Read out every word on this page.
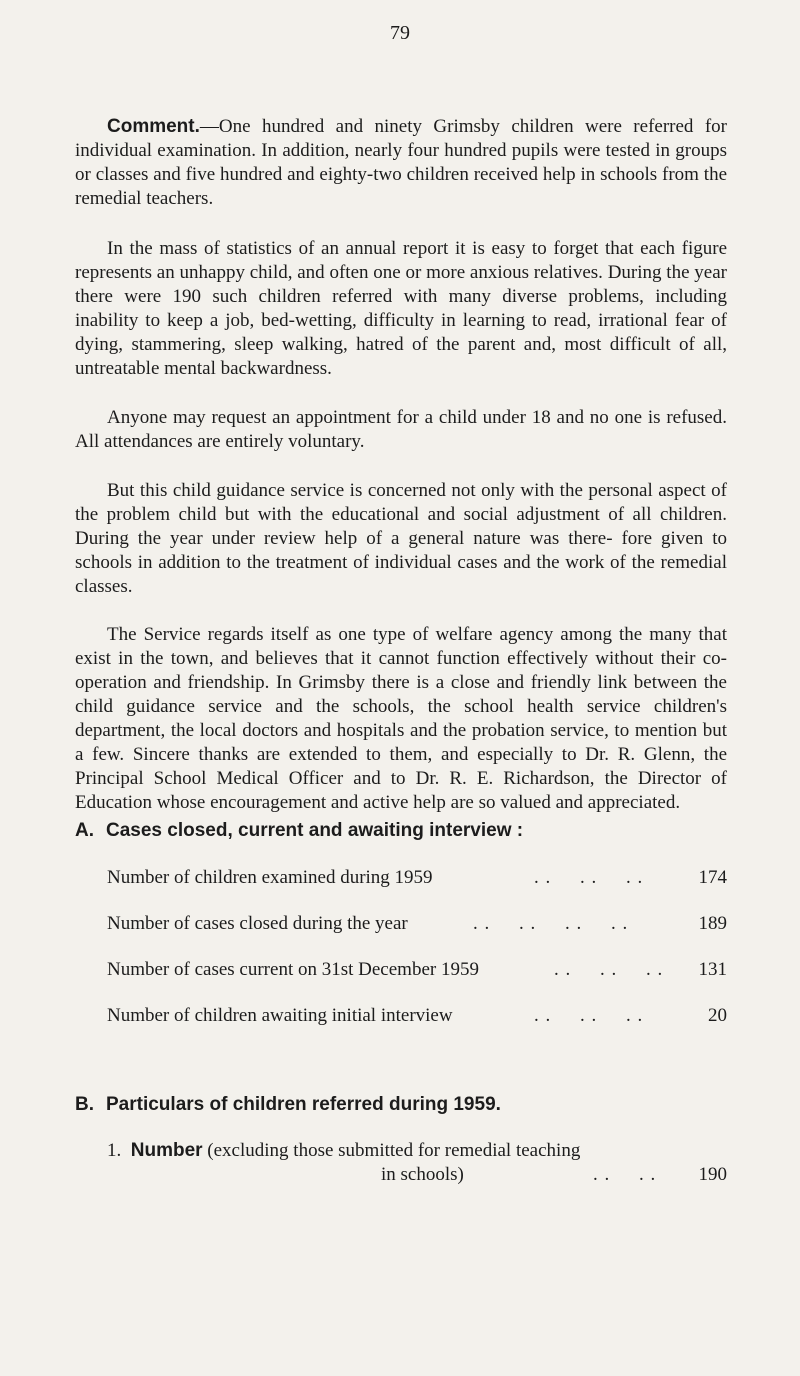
79

Comment.—One hundred and ninety Grimsby children were referred for individual examination. In addition, nearly four hundred pupils were tested in groups or classes and five hundred and eighty-two children received help in schools from the remedial teachers.

In the mass of statistics of an annual report it is easy to forget that each figure represents an unhappy child, and often one or more anxious relatives. During the year there were 190 such children referred with many diverse problems, including inability to keep a job, bed-wetting, difficulty in learning to read, irrational fear of dying, stammering, sleep walking, hatred of the parent and, most difficult of all, untreatable mental backwardness.

Anyone may request an appointment for a child under 18 and no one is refused. All attendances are entirely voluntary.

But this child guidance service is concerned not only with the personal aspect of the problem child but with the educational and social adjustment of all children. During the year under review help of a general nature was there- fore given to schools in addition to the treatment of individual cases and the work of the remedial classes.

The Service regards itself as one type of welfare agency among the many that exist in the town, and believes that it cannot function effectively without their co-operation and friendship. In Grimsby there is a close and friendly link between the child guidance service and the schools, the school health service children's department, the local doctors and hospitals and the probation service, to mention but a few. Sincere thanks are extended to them, and especially to Dr. R. Glenn, the Principal School Medical Officer and to Dr. R. E. Richardson, the Director of Education whose encouragement and active help are so valued and appreciated.

A. Cases closed, current and awaiting interview :
Number of children examined during 1959	. .     . .     . .	174
Number of cases closed during the year	. .     . .     . .     . .	189
Number of cases current on 31st December 1959	. .     . .     . . 131
Number of children awaiting initial interview	. .     . .     . .	20
B. Particulars of children referred during 1959.
1. Number (excluding those submitted for remedial teaching
in schools)	. .     . . 190
